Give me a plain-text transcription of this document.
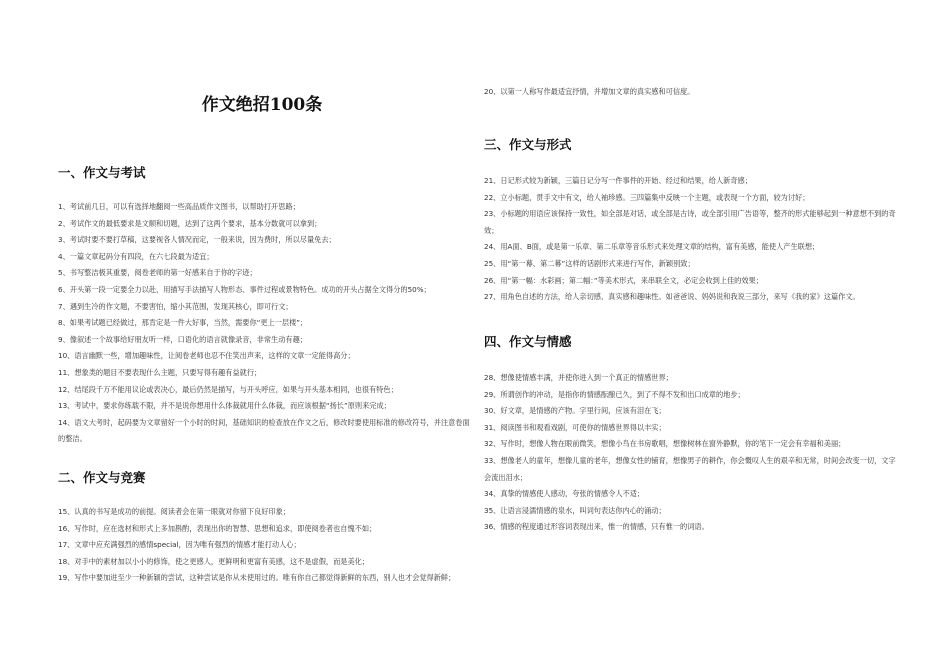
作文绝招100条
一、作文与考试

1、考试前几日，可以有选择地翻阅一些高品质作文图书，以帮助打开思路；

2、考试作文的最低要求是文顺和切题，达到了这两个要求，基本分数就可以拿到；

3、考试时要不要打草稿，这要视各人情况而定，一般来说，因为费时，所以尽量免去；

4、一篇文章起码分有四段，在六七段最为适宜；

5、书写整洁极其重要，阅卷老师的第一好感来自于你的字迹；

6、开头第一段一定要全力以赴，用描写手法描写人物形态、事件过程或景物特色。成功的开头占据全文得分的50%；

7、遇到生冷的作文题，不要害怕，缩小其范围，发现其核心，即可行文；

8、如果考试题已经做过，那肯定是一件大好事，当然，需要你“更上一层楼”；

9、像叙述一个故事给好朋友听一样，口语化的语言就像录音，非常生动有趣；

10、语言幽默一些，增加趣味性，让阅卷老师也忍不住笑出声来，这样的文章一定能得高分；

11、想象类的题目不要表现什么主题，只要写得有趣有益就行；

12、结尾段千万不能用议论或表决心，最后仍然是描写，与开头呼应，如果与开头基本相同，也很有特色；

13、考试中，要求你练载不限，并不是说你想用什么体裁就用什么体裁，而应该根据“扬长”原则来完成；

14、语文大考时，起码要为文章留好一个小时的时间，基础知识的检查放在作文之后，修改时要使用标准的修改符号，并注意卷面的整洁。

二、作文与竞赛

15、认真的书写是成功的前提。阅读者会在第一眼就对你留下良好印象；

16、写作时，应在选材和形式上多加斟酌，表现出你的智慧、思想和追求，即使阅卷者也自愧不如；

17、文章中应充满强烈的感情special，因为唯有强烈的情感才能打动人心；

18、对手中的素材加以小小的修饰，使之更感人，更鲜明和更富有美感，这不是虚假，而是美化；

19、写作中要加进至少一种新颖的尝试，这种尝试是你从未使用过的。唯有你自己都觉得新鲜的东西，别人也才会觉得新鲜；

20、以第一人称写作最适宜抒情，并增加文章的真实感和可信度。

三、作文与形式

21、日记形式较为新颖，三篇日记分写一件事件的开始、经过和结果，给人新奇感；

22、立小标题，贯手文中有文，给人袖珍感。三四篇集中反映一个主题，或表现一个方面，较为讨好；

23、小标题的用语应该保持一致性，如全部是对话，或全部是古诗，或全部引用广告语等，整齐的形式能够起到一种意想不到的奇效；

24、用A面、B面，或是第一乐章、第二乐章等音乐形式来处理文章的结构，富有美感，能使人产生联想；

25、用“第一幕、第二幕”这样的话剧形式来进行写作，新颖别致；

26、用“第一幅：水彩画；第二幅：”等美术形式，来串联全文，必定会收到上佳的效果；

27、用角色自述的方法，给人亲切感、真实感和趣味性。如爸爸说、妈妈说和我说三部分，来写《我的家》这篇作文。

四、作文与情感

28、想像使情感丰满，并使你进入到一个真正的情感世界；

29、所谓创作的冲动，是指你的情感酝酿已久，到了不得不发和出口成章的地步；

30、好文章，是情感的产物。字里行间，应该有泪在飞；

31、阅读图书和观看戏剧，可使你的情感世界得以丰实；

32、写作时，想像人物在眼前微笑，想像小鸟在书房歌唱，想像树林在窗外静默，你的笔下一定会有幸福和美丽；

33、想像老人的童年，想像儿童的老年，想像女性的铺育，想像男子的耕作，你会慨叹人生的艰辛和无常，时间会改变一切，文字会流出泪水；

34、真挚的情感使人感动，夸张的情感令人不适；

35、让语言浸濡情感的泉水，叫词句表达你内心的涌动；

36、情感的程度通过形容词表现出来，惟一的情感，只有惟一的词语。
